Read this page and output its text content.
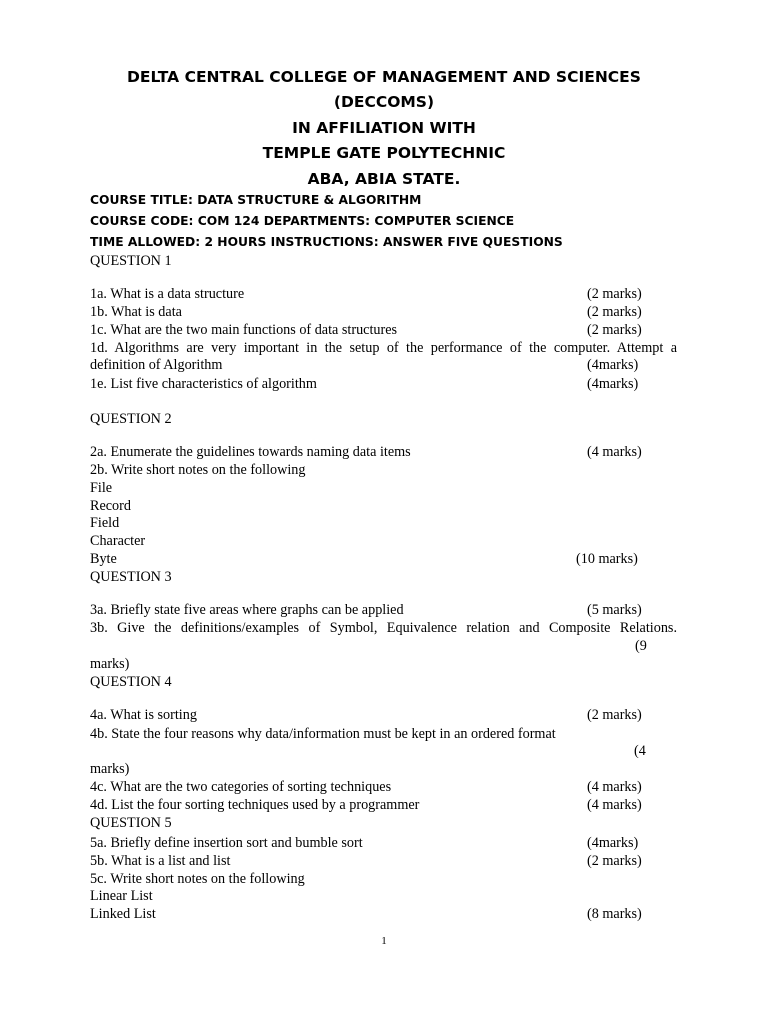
DELTA CENTRAL COLLEGE OF MANAGEMENT AND SCIENCES
(DECCOMS)
IN AFFILIATION WITH
TEMPLE GATE POLYTECHNIC
ABA, ABIA STATE.
COURSE TITLE: DATA STRUCTURE & ALGORITHM
COURSE CODE: COM 124 DEPARTMENTS: COMPUTER SCIENCE
TIME ALLOWED: 2 HOURS INSTRUCTIONS: ANSWER FIVE QUESTIONS
QUESTION 1
1a. What is a data structure	(2 marks)
1b. What is data	(2 marks)
1c. What are the two main functions of data structures	(2 marks)
1d. Algorithms are very important in the setup of the performance of the computer. Attempt a
definition of Algorithm	(4marks)
1e. List five characteristics of algorithm	(4marks)
QUESTION 2
2a. Enumerate the guidelines towards naming data items	(4 marks)
2b. Write short notes on the following
File
Record
Field
Character
Byte	(10 marks)
QUESTION 3
3a. Briefly state five areas where graphs can be applied	(5 marks)
3b. Give the definitions/examples of Symbol, Equivalence relation and Composite Relations.
(9
marks)
QUESTION 4
4a. What is sorting	(2 marks)
4b. State the four reasons why data/information must be kept in an ordered format
(4
marks)
4c. What are the two categories of sorting techniques	(4 marks)
4d. List the four sorting techniques used by a programmer	(4 marks)
QUESTION 5
5a. Briefly define insertion sort and bumble sort	(4marks)
5b. What is a list and list	(2 marks)
5c. Write short notes on the following
Linear List
Linked List	(8 marks)
1
